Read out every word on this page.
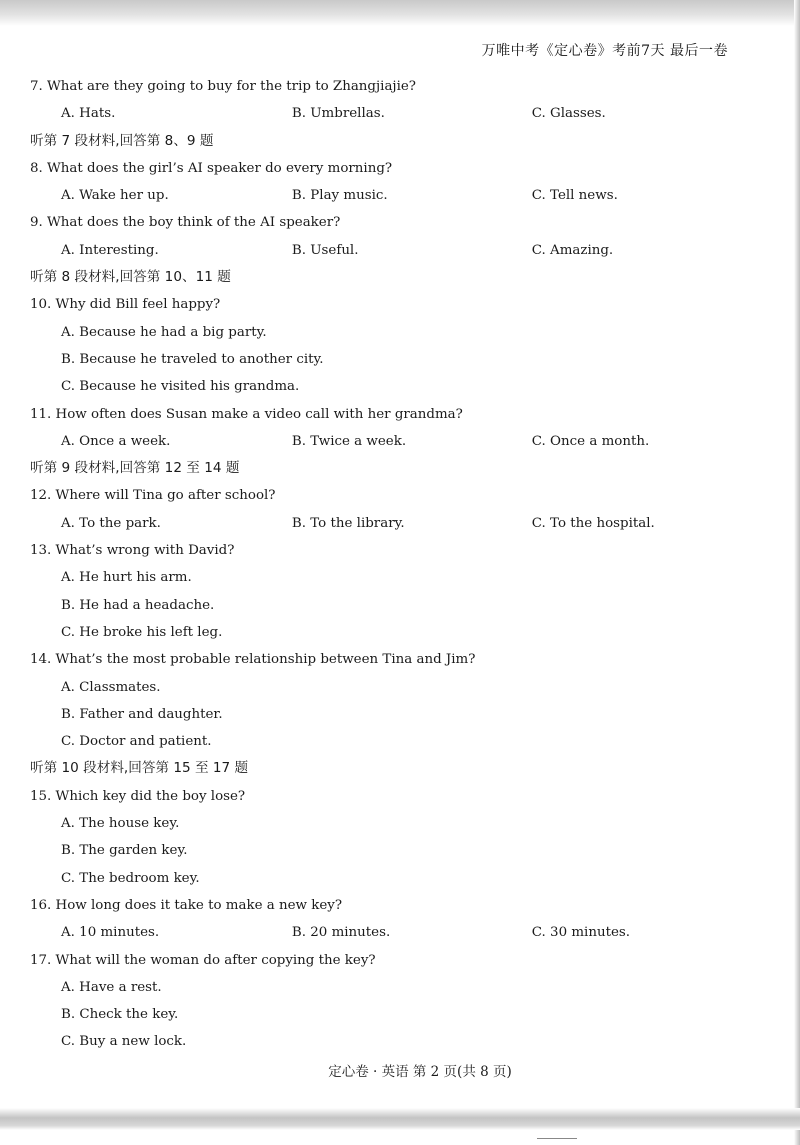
万唯中考《定心卷》考前7天 最后一卷
7. What are they going to buy for the trip to Zhangjiajie?
A. Hats.	B. Umbrellas.	C. Glasses.
听第 7 段材料,回答第 8、9 题
8. What does the girl’s AI speaker do every morning?
A. Wake her up.	B. Play music.	C. Tell news.
9. What does the boy think of the AI speaker?
A. Interesting.	B. Useful.	C. Amazing.
听第 8 段材料,回答第 10、11 题
10. Why did Bill feel happy?
A. Because he had a big party.
B. Because he traveled to another city.
C. Because he visited his grandma.
11. How often does Susan make a video call with her grandma?
A. Once a week.	B. Twice a week.	C. Once a month.
听第 9 段材料,回答第 12 至 14 题
12. Where will Tina go after school?
A. To the park.	B. To the library.	C. To the hospital.
13. What’s wrong with David?
A. He hurt his arm.
B. He had a headache.
C. He broke his left leg.
14. What’s the most probable relationship between Tina and Jim?
A. Classmates.
B. Father and daughter.
C. Doctor and patient.
听第 10 段材料,回答第 15 至 17 题
15. Which key did the boy lose?
A. The house key.
B. The garden key.
C. The bedroom key.
16. How long does it take to make a new key?
A. 10 minutes.	B. 20 minutes.	C. 30 minutes.
17. What will the woman do after copying the key?
A. Have a rest.
B. Check the key.
C. Buy a new lock.
定心卷 · 英语 第 2 页(共 8 页)
